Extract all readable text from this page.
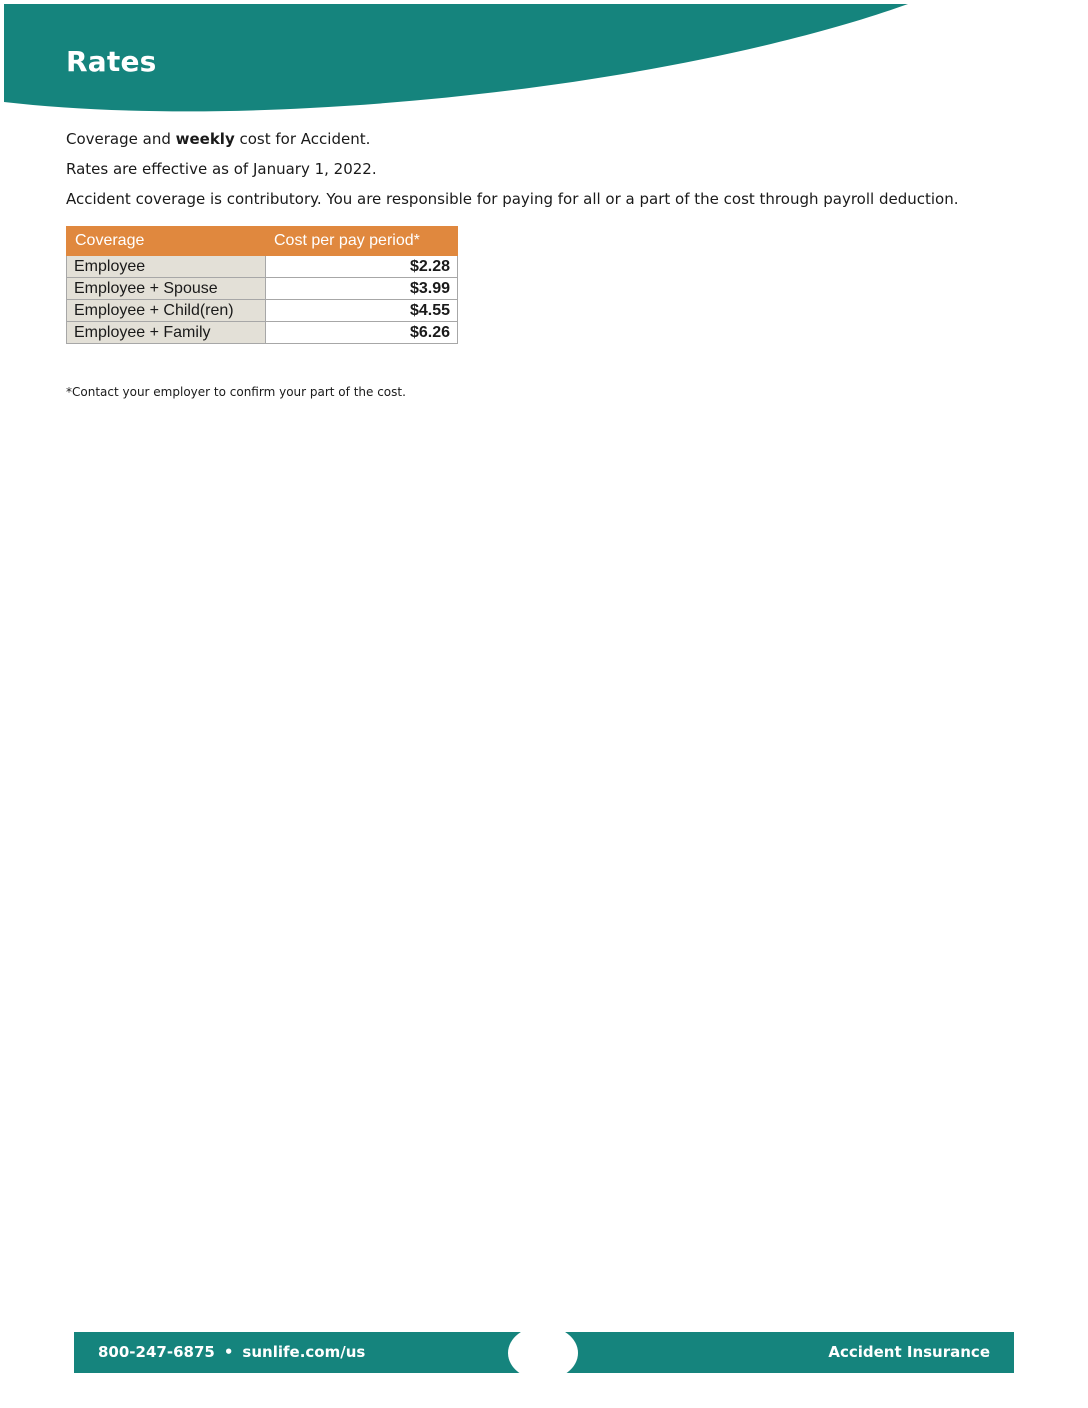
Rates

Coverage and weekly cost for Accident.

Rates are effective as of January 1, 2022.

Accident coverage is contributory. You are responsible for paying for all or a part of the cost through payroll deduction.

Coverage	Cost per pay period*
Employee	$2.28
Employee + Spouse	$3.99
Employee + Child(ren)	$4.55
Employee + Family	$6.26

*Contact your employer to confirm your part of the cost.

800-247-6875 • sunlife.com/us	Accident Insurance
